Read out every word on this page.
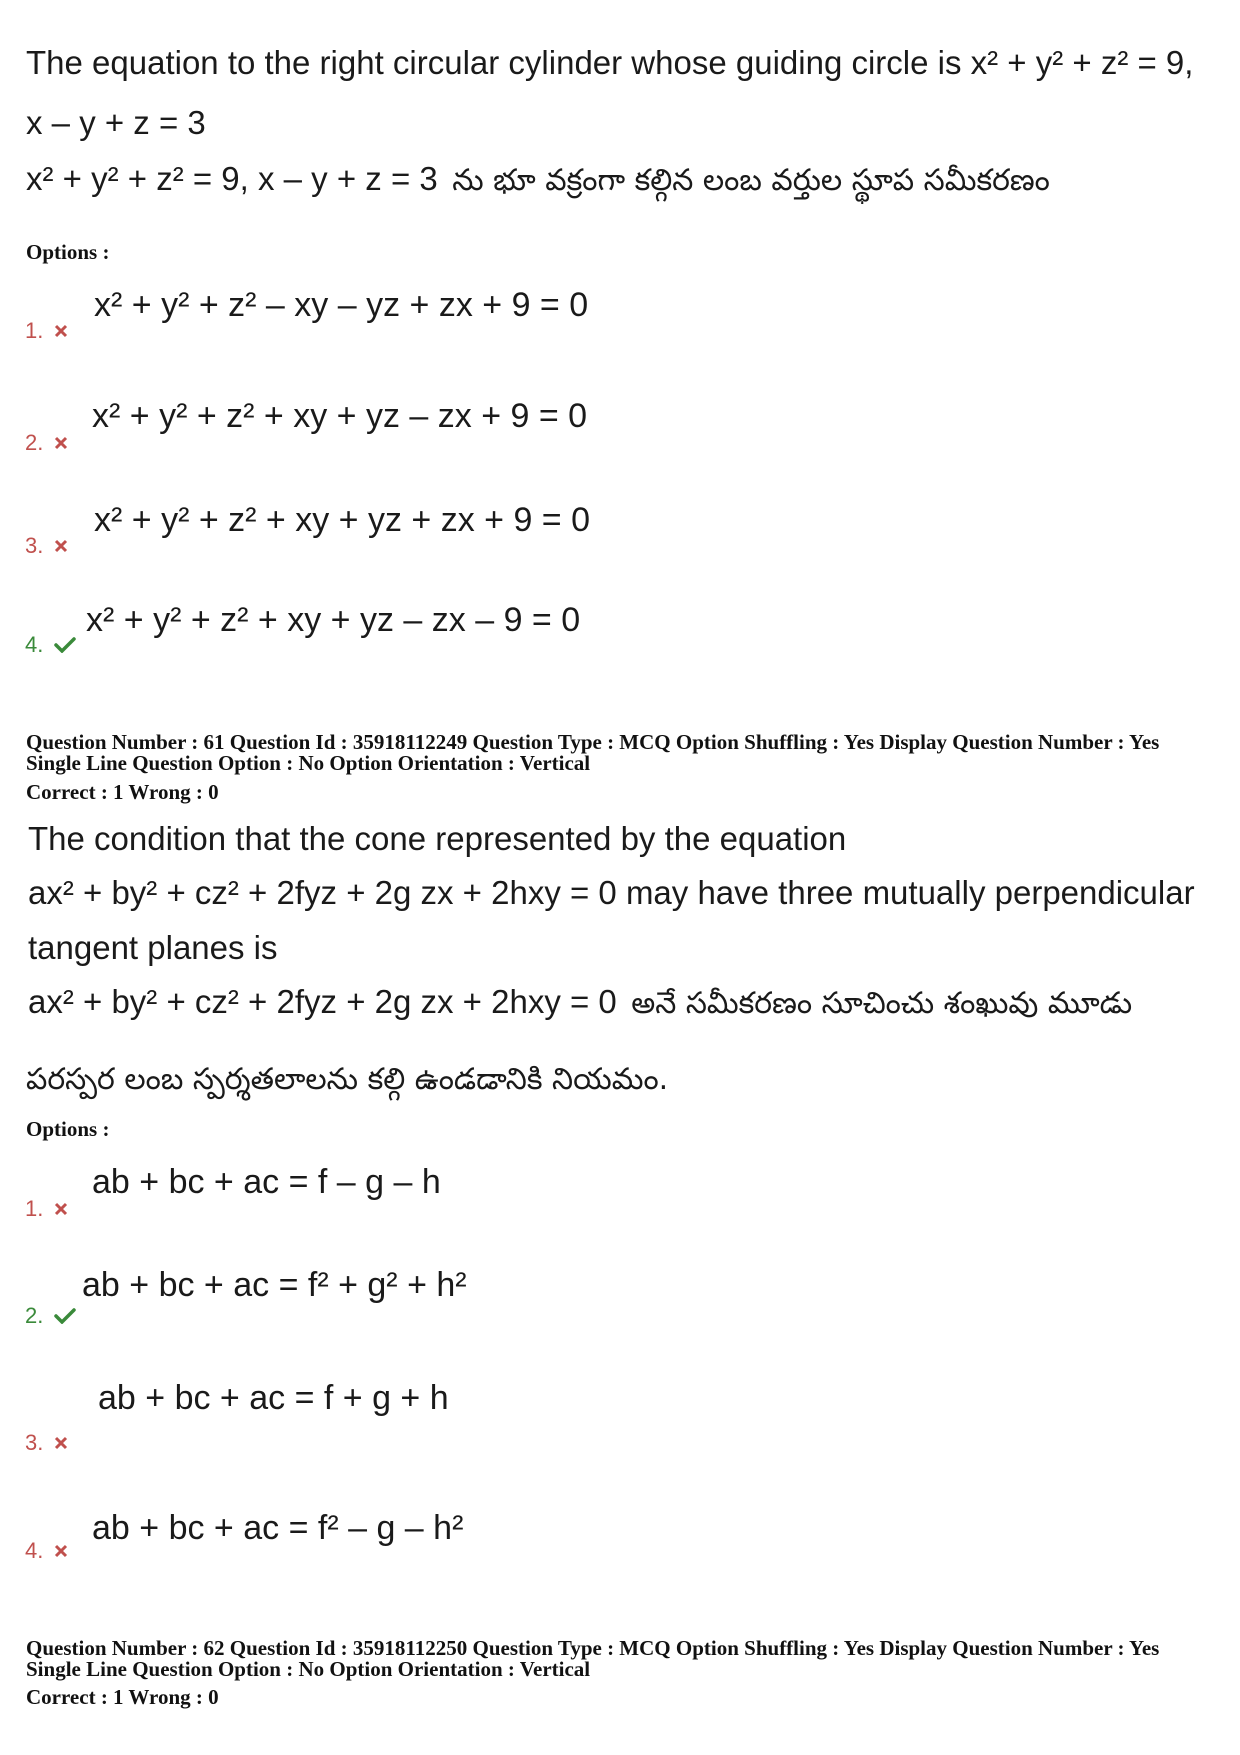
The equation to the right circular cylinder whose guiding circle is x² + y² + z² = 9,
x – y + z = 3
x² + y² + z² = 9, x – y + z = 3 ను భూ వక్రంగా కల్గిన లంబ వర్తుల స్థూప సమీకరణం
Options :
1.
x² + y² + z² – xy – yz + zx + 9 = 0
2.
x² + y² + z² + xy + yz – zx + 9 = 0
3.
x² + y² + z² + xy + yz + zx + 9 = 0
4.
x² + y² + z² + xy + yz – zx – 9 = 0
Question Number : 61 Question Id : 35918112249 Question Type : MCQ Option Shuffling : Yes Display Question Number : Yes
Single Line Question Option : No Option Orientation : Vertical
Correct : 1 Wrong : 0
The condition that the cone represented by the equation
ax² + by² + cz² + 2fyz + 2g zx + 2hxy = 0 may have three mutually perpendicular
tangent planes is
ax² + by² + cz² + 2fyz + 2g zx + 2hxy = 0 అనే సమీకరణం సూచించు శంఖువు మూడు
పరస్పర లంబ స్పర్శతలాలను కల్గి ఉండడానికి నియమం.
Options :
1.
ab + bc + ac = f – g – h
2.
ab + bc + ac = f² + g² + h²
3.
ab + bc + ac = f + g + h
4.
ab + bc + ac = f² – g – h²
Question Number : 62 Question Id : 35918112250 Question Type : MCQ Option Shuffling : Yes Display Question Number : Yes
Single Line Question Option : No Option Orientation : Vertical
Correct : 1 Wrong : 0
